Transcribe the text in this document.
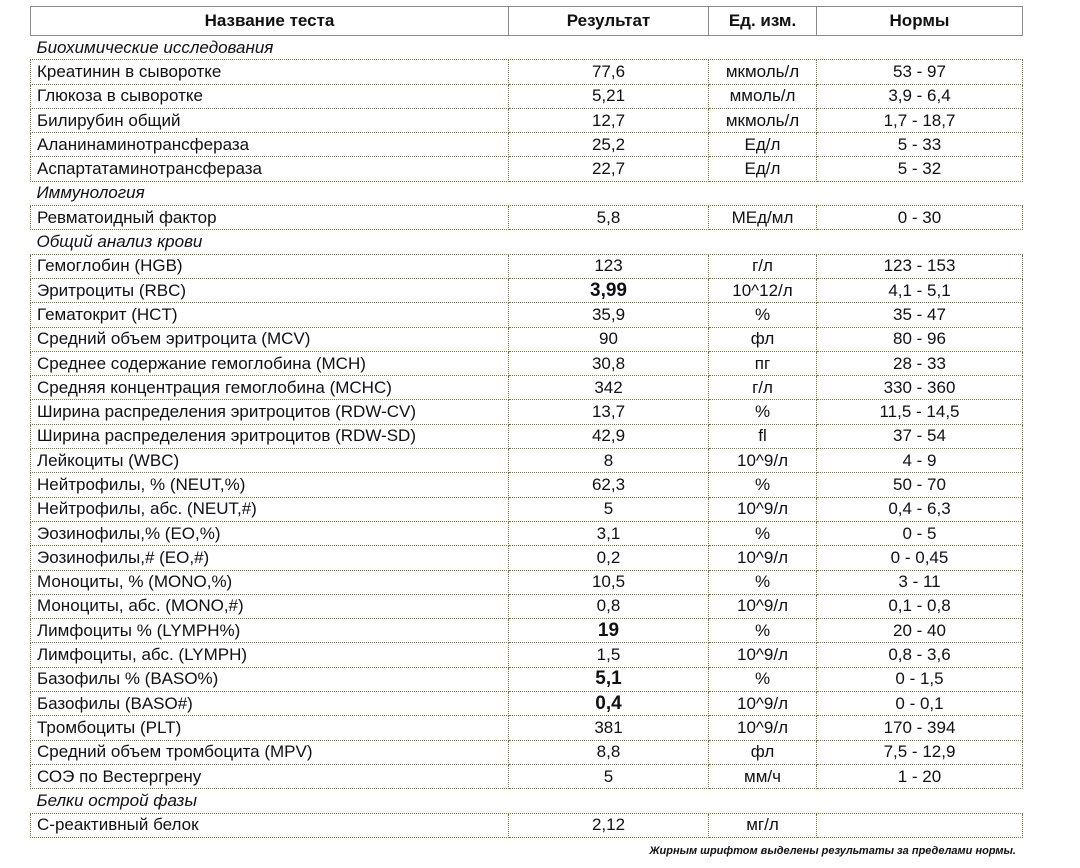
Название теста	Результат	Ед. изм.	Нормы
Биохимические исследования			
Креатинин в сыворотке	77,6	мкмоль/л	53 - 97
Глюкоза в сыворотке	5,21	ммоль/л	3,9 - 6,4
Билирубин общий	12,7	мкмоль/л	1,7 - 18,7
Аланинаминотрансфераза	25,2	Ед/л	5 - 33
Аспартатаминотрансфераза	22,7	Ед/л	5 - 32
Иммунология			
Ревматоидный фактор	5,8	МЕд/мл	0 - 30
Общий анализ крови			
Гемоглобин (HGB)	123	г/л	123 - 153
Эритроциты (RBC)	3,99	10^12/л	4,1 - 5,1
Гематокрит (HCT)	35,9	%	35 - 47
Средний объем эритроцита (MCV)	90	фл	80 - 96
Среднее содержание гемоглобина (MCH)	30,8	пг	28 - 33
Средняя концентрация гемоглобина (MCHC)	342	г/л	330 - 360
Ширина распределения эритроцитов (RDW-CV)	13,7	%	11,5 - 14,5
Ширина распределения эритроцитов (RDW-SD)	42,9	fl	37 - 54
Лейкоциты (WBC)	8	10^9/л	4 - 9
Нейтрофилы, % (NEUT,%)	62,3	%	50 - 70
Нейтрофилы, абс. (NEUT,#)	5	10^9/л	0,4 - 6,3
Эозинофилы,% (EO,%)	3,1	%	0 - 5
Эозинофилы,# (EO,#)	0,2	10^9/л	0 - 0,45
Моноциты, % (MONO,%)	10,5	%	3 - 11
Моноциты, абс. (MONO,#)	0,8	10^9/л	0,1 - 0,8
Лимфоциты % (LYMPH%)	19	%	20 - 40
Лимфоциты, абс. (LYMPH)	1,5	10^9/л	0,8 - 3,6
Базофилы % (BASO%)	5,1	%	0 - 1,5
Базофилы (BASO#)	0,4	10^9/л	0 - 0,1
Тромбоциты (PLT)	381	10^9/л	170 - 394
Средний объем тромбоцита (MPV)	8,8	фл	7,5 - 12,9
СОЭ по Вестергрену	5	мм/ч	1 - 20
Белки острой фазы			
С-реактивный белок	2,12	мг/л	
Жирным шрифтом выделены результаты за пределами нормы.
